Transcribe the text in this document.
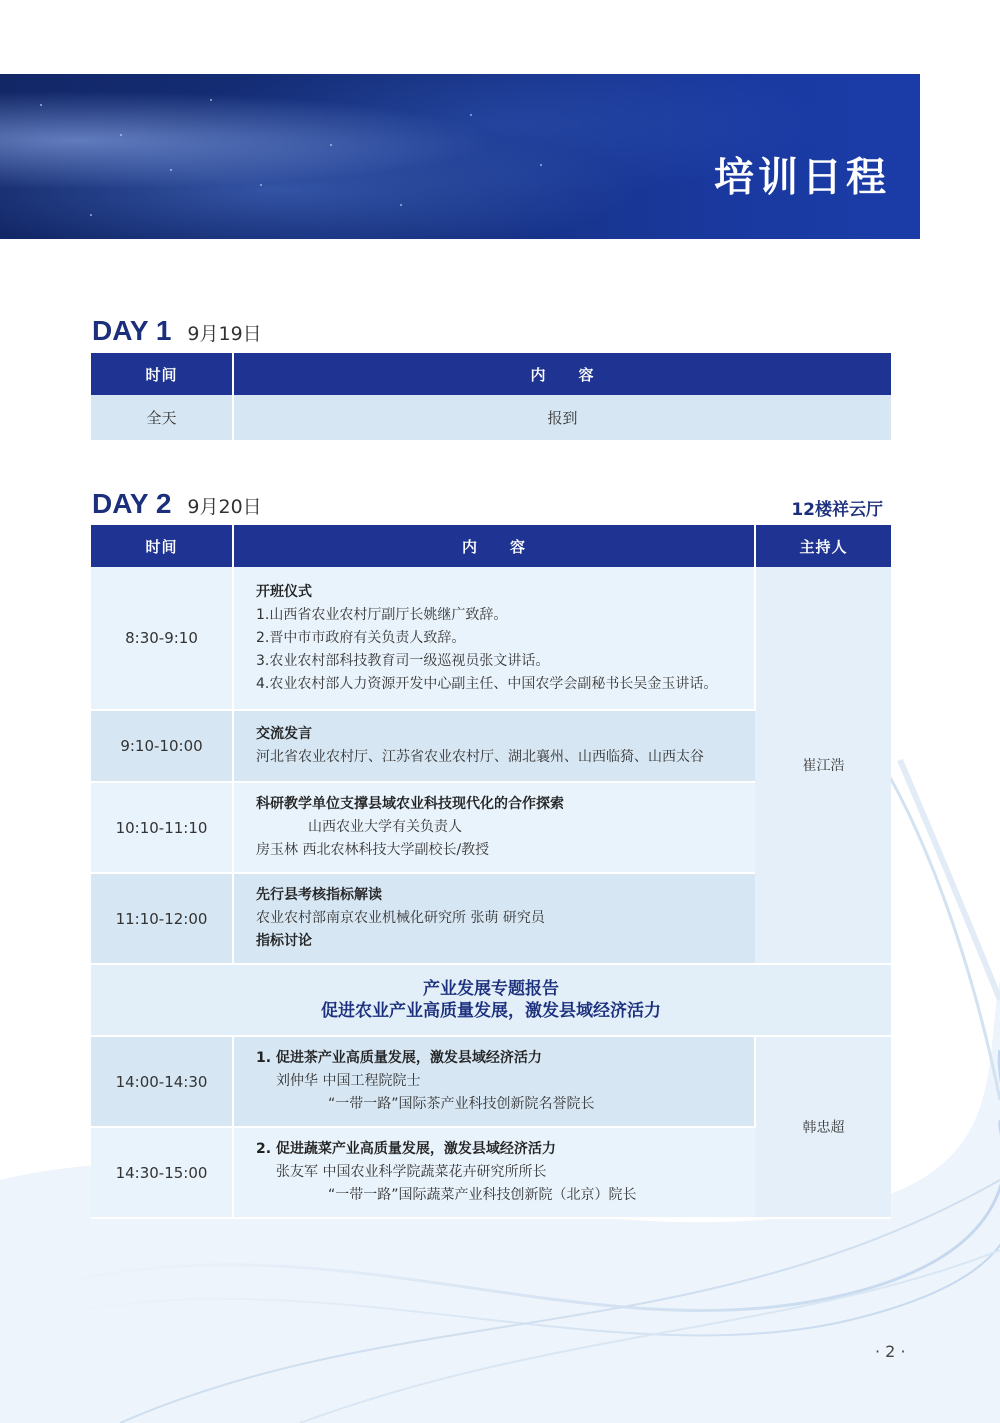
培训日程
DAY 1 9月19日
时间	内　　容
全天	报到
DAY 2 9月20日	12楼祥云厅
时间	内　　容	主持人
8:30-9:10	开班仪式
1.山西省农业农村厅副厅长姚继广致辞。
2.晋中市市政府有关负责人致辞。
3.农业农村部科技教育司一级巡视员张文讲话。
4.农业农村部人力资源开发中心副主任、中国农学会副秘书长吴金玉讲话。	崔江浩
9:10-10:00	交流发言
河北省农业农村厅、江苏省农业农村厅、湖北襄州、山西临猗、山西太谷	

10:10-11:10	科研教学单位支撑县域农业科技现代化的合作探索
山西农业大学有关负责人
房玉林 西北农林科技大学副校长/教授	

11:10-12:00	先行县考核指标解读
农业农村部南京农业机械化研究所 张萌 研究员
指标讨论	

产业发展专题报告
促进农业产业高质量发展，激发县域经济活力		

14:00-14:30	1. 促进茶产业高质量发展，激发县域经济活力
刘仲华 中国工程院院士
“一带一路”国际茶产业科技创新院名誉院长	韩忠超
14:30-15:00	2. 促进蔬菜产业高质量发展，激发县域经济活力
张友军 中国农业科学院蔬菜花卉研究所所长
“一带一路”国际蔬菜产业科技创新院（北京）院长	
· 2 ·
